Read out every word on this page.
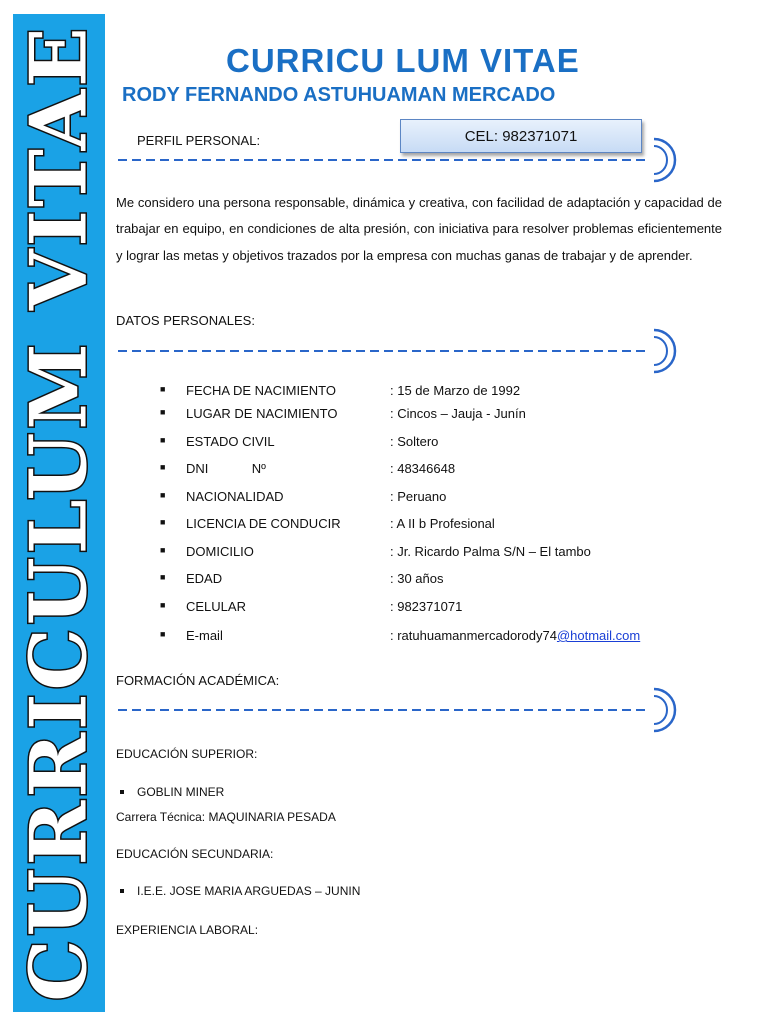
CURRICULUM VITAE	CURRICU LUM VITAE
RODY FERNANDO ASTUHUAMAN MERCADO

PERFIL PERSONAL:	CEL: 982371071

Me considero una persona responsable, dinámica y creativa, con facilidad de adaptación y capacidad de trabajar en equipo, en condiciones de alta presión, con iniciativa para resolver problemas eficientemente y lograr las metas y objetivos trazados por la empresa con muchas ganas de trabajar y de aprender.

DATOS PERSONALES:

■ FECHA DE NACIMIENTO	: 15 de Marzo de 1992
■ LUGAR DE NACIMIENTO	: Cincos – Jauja - Junín
■ ESTADO CIVIL	: Soltero
■ DNI            Nº	: 48346648
■ NACIONALIDAD	: Peruano
■ LICENCIA DE CONDUCIR	: A II b Profesional
■ DOMICILIO	: Jr. Ricardo Palma S/N – El tambo
■ EDAD	: 30 años
■ CELULAR	: 982371071
■ E-mail	: ratuhuamanmercadorody74@hotmail.com

FORMACIÓN ACADÉMICA:

EDUCACIÓN SUPERIOR:

GOBLIN MINER

Carrera Técnica: MAQUINARIA PESADA

EDUCACIÓN SECUNDARIA:

I.E.E. JOSE MARIA ARGUEDAS – JUNIN

EXPERIENCIA LABORAL:
